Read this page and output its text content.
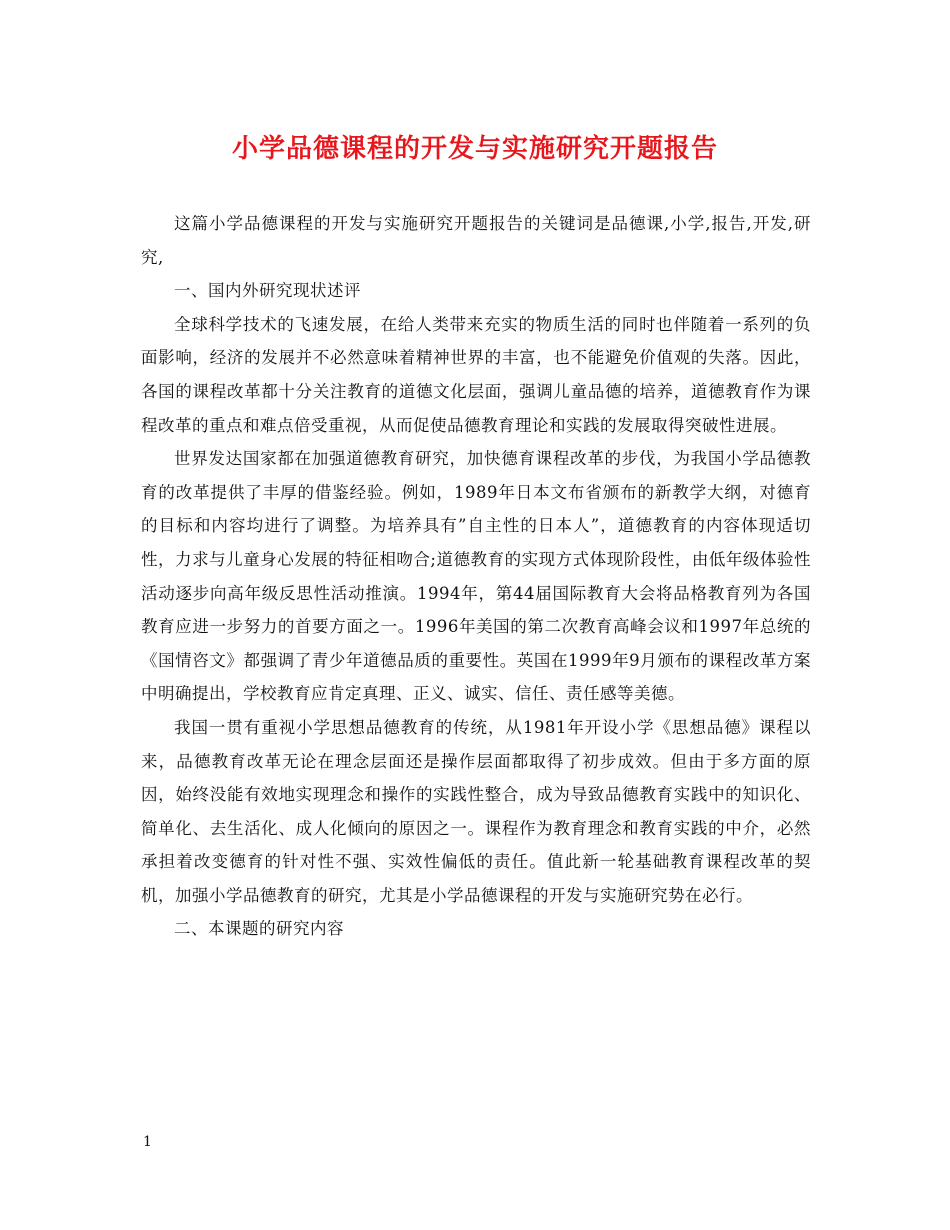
小学品德课程的开发与实施研究开题报告

这篇小学品德课程的开发与实施研究开题报告的关键词是品德课,小学,报告,开发,研究,

一、国内外研究现状述评

全球科学技术的飞速发展，在给人类带来充实的物质生活的同时也伴随着一系列的负面影响，经济的发展并不必然意味着精神世界的丰富，也不能避免价值观的失落。因此，各国的课程改革都十分关注教育的道德文化层面，强调儿童品德的培养，道德教育作为课程改革的重点和难点倍受重视，从而促使品德教育理论和实践的发展取得突破性进展。

世界发达国家都在加强道德教育研究，加快德育课程改革的步伐，为我国小学品德教育的改革提供了丰厚的借鉴经验。例如，1989年日本文布省颁布的新教学大纲，对德育的目标和内容均进行了调整。为培养具有”自主性的日本人”，道德教育的内容体现适切性，力求与儿童身心发展的特征相吻合;道德教育的实现方式体现阶段性，由低年级体验性活动逐步向高年级反思性活动推演。1994年，第44届国际教育大会将品格教育列为各国教育应进一步努力的首要方面之一。1996年美国的第二次教育高峰会议和1997年总统的《国情咨文》都强调了青少年道德品质的重要性。英国在1999年9月颁布的课程改革方案中明确提出，学校教育应肯定真理、正义、诚实、信任、责任感等美德。

我国一贯有重视小学思想品德教育的传统，从1981年开设小学《思想品德》课程以来，品德教育改革无论在理念层面还是操作层面都取得了初步成效。但由于多方面的原因，始终没能有效地实现理念和操作的实践性整合，成为导致品德教育实践中的知识化、简单化、去生活化、成人化倾向的原因之一。课程作为教育理念和教育实践的中介，必然承担着改变德育的针对性不强、实效性偏低的责任。值此新一轮基础教育课程改革的契机，加强小学品德教育的研究，尤其是小学品德课程的开发与实施研究势在必行。

二、本课题的研究内容

1
